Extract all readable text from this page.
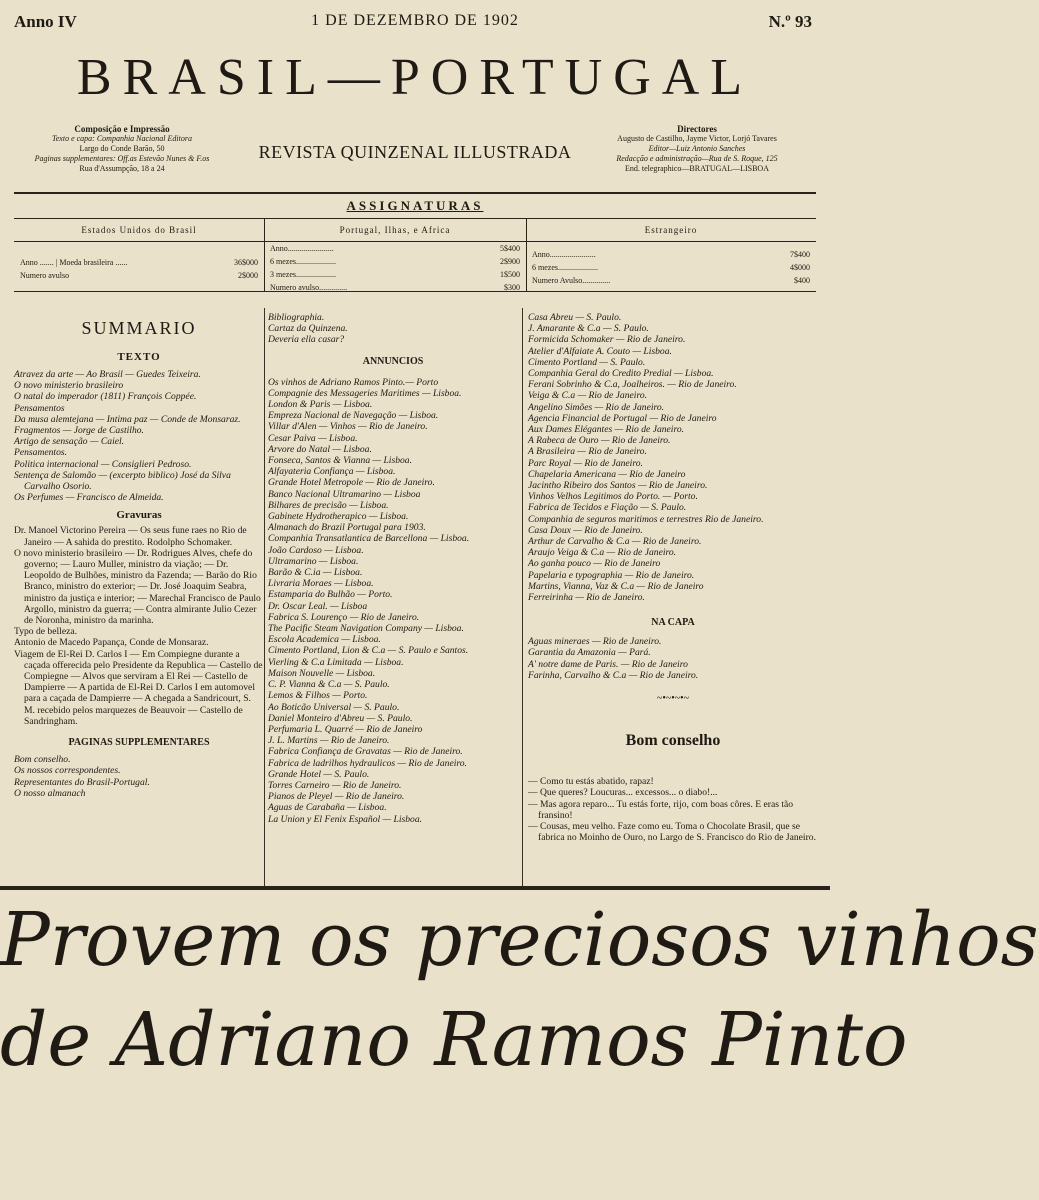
Anno IV	1 DE DEZEMBRO DE 1902	N.º 93
BRASIL—PORTUGAL
Composição e Impressão
Texto e capa: Companhia Nacional Editora
Largo do Conde Barão, 50
Paginas supplementares: Off.as Estevão Nunes & F.os
Rua d'Assumpção, 18 a 24
REVISTA QUINZENAL ILLUSTRADA
Directores
Augusto de Castilho, Jayme Victor, Lorjó Tavares
Editor—Luiz Antonio Sanches
Redacção e administração—Rua de S. Roque, 125
End. telegraphico—BRATUGAL—LISBOA
ASSIGNATURAS
Estados Unidos do Brasil
Anno ....... | Moeda brasileira ......	36$000
Numero avulso	2$000
Portugal, Ilhas, e Africa
Anno.......................	5$400
6 mezes....................	2$900
3 mezes....................	1$500
Numero avulso..............	$300
Estrangeiro
Anno.......................	7$400
6 mezes....................	4$000
Numero Avulso..............	$400
SUMMARIO
TEXTO

Atravez da arte — Ao Brasil — Guedes Teixeira.

O novo ministerio brasileiro

O natal do imperador (1811) François Coppée.

Pensamentos

Da musa alemtejana — Intima paz — Conde de Monsaraz.

Fragmentos — Jorge de Castilho.

Artigo de sensação — Caiel.

Pensamentos.

Politica internacional — Consiglieri Pedroso.

Sentença de Salomão — (excerpto biblico) José da Silva Carvalho Osorio.

Os Perfumes — Francisco de Almeida.

Gravuras

Dr. Manoel Victorino Pereira — Os seus fune raes no Rio de Janeiro — A sahida do prestito. Rodolpho Schomaker.

O novo ministerio brasileiro — Dr. Rodrigues Alves, chefe do governo; — Lauro Muller, ministro da viação; — Dr. Leopoldo de Bulhões, ministro da Fazenda; — Barão do Rio Branco, ministro do exterior; — Dr. José Joaquim Seabra, ministro da justiça e interior; — Marechal Francisco de Paulo Argollo, ministro da guerra; — Contra almirante Julio Cezer de Noronha, ministro da marinha.

Typo de belleza.

Antonio de Macedo Papança, Conde de Monsaraz.

Viagem de El-Rei D. Carlos I — Em Compiegne durante a caçada offerecida pelo Presidente da Republica — Castello de Compiegne — Alvos que serviram a El Rei — Castello de Dampierre — A partida de El-Rei D. Carlos I em automovel para a caçada de Dampierre — A chegada a Sandricourt, S. M. recebido pelos marquezes de Beauvoir — Castello de Sandringham.

PAGINAS SUPPLEMENTARES

Bom conselho.

Os nossos correspondentes.

Representantes do Brasil-Portugal.

O nosso almanach

Bibliographia.

Cartaz da Quinzena.

Deveria ella casar?

ANNUNCIOS

Os vinhos de Adriano Ramos Pinto.— Porto

Compagnie des Messageries Maritimes — Lisboa.

London & Paris — Lisboa.

Empreza Nacional de Navegação — Lisboa.

Villar d'Alen — Vinhos — Rio de Janeiro.

Cesar Paiva — Lisboa.

Arvore do Natal — Lisboa.

Fonseca, Santos & Vianna — Lisboa.

Alfayateria Confiança — Lisboa.

Grande Hotel Metropole — Rio de Janeiro.

Banco Nacional Ultramarino — Lisboa

Bilhares de precisão — Lisboa.

Gabinete Hydrotherapico — Lisboa.

Almanach do Brazil Portugal para 1903.

Companhia Transatlantica de Barcellona — Lisboa.

João Cardoso — Lisboa.

Ultramarino — Lisboa.

Barão & C.ia — Lisboa.

Livraria Moraes — Lisboa.

Estamparia do Bulhão — Porto.

Dr. Oscar Leal. — Lisboa

Fabrica S. Lourenço — Rio de Janeiro.

The Pacific Steam Navigation Company — Lisboa.

Escola Academica — Lisboa.

Cimento Portland, Lion & C.a — S. Paulo e Santos.

Vierling & C.a Limitada — Lisboa.

Maison Nouvelle — Lisboa.

C. P. Vianna & C.a — S. Paulo.

Lemos & Filhos — Porto.

Ao Boticão Universal — S. Paulo.

Daniel Monteiro d'Abreu — S. Paulo.

Perfumaria L. Quarré — Rio de Janeiro

J. L. Martins — Rio de Janeiro.

Fabrica Confiança de Gravatas — Rio de Janeiro.

Fabrica de ladrilhos hydraulicos — Rio de Janeiro.

Grande Hotel — S. Paulo.

Torres Carneiro — Rio de Janeiro.

Pianos de Pleyel — Rio de Janeiro.

Aguas de Carabaña — Lisboa.

La Union y El Fenix Español — Lisboa.

Casa Abreu — S. Paulo.

J. Amarante & C.a — S. Paulo.

Formicida Schomaker — Rio de Janeiro.

Atelier d'Alfaiate A. Couto — Lisboa.

Cimento Portland — S. Paulo.

Companhia Geral do Credito Predial — Lisboa.

Ferani Sobrinho & C.a, Joalheiros. — Rio de Janeiro.

Veiga & C.a — Rio de Janeiro.

Angelino Simões — Rio de Janeiro.

Agencia Financial de Portugal — Rio de Janeiro

Aux Dames Elégantes — Rio de Janeiro.

A Rabeca de Ouro — Rio de Janeiro.

A Brasileira — Rio de Janeiro.

Parc Royal — Rio de Janeiro.

Chapelaria Americana — Rio de Janeiro

Jacintho Ribeiro dos Santos — Rio de Janeiro.

Vinhos Velhos Legitimos do Porto. — Porto.

Fabrica de Tecidos e Fiação — S. Paulo.

Companhia de seguros maritimos e terrestres Rio de Janeiro.

Casa Doux — Rio de Janeiro.

Arthur de Carvalho & C.a — Rio de Janeiro.

Araujo Veiga & C.a — Rio de Janeiro.

Ao ganha pouco — Rio de Janeiro

Papelaria e typographia — Rio de Janeiro.

Martins, Vianna, Vaz & C.a — Rio de Janeiro

Ferreirinha — Rio de Janeiro.

NA CAPA

Aguas mineraes — Rio de Janeiro.

Garantia da Amazonia — Pará.

A' notre dame de Paris. — Rio de Janeiro

Farinha, Carvalho & C.a — Rio de Janeiro.

~•~•~•~
Bom conselho

— Como tu estás abatido, rapaz!

— Que queres? Loucuras... excessos... o diabo!...

— Mas agora reparo... Tu estás forte, rijo, com boas côres. E eras tão fransino!

— Cousas, meu velho. Faze como eu. Toma o Chocolate Brasil, que se fabrica no Moinho de Ouro, no Largo de S. Francisco do Rio de Janeiro.

Provem os preciosos vinhos
de Adriano Ramos Pinto
